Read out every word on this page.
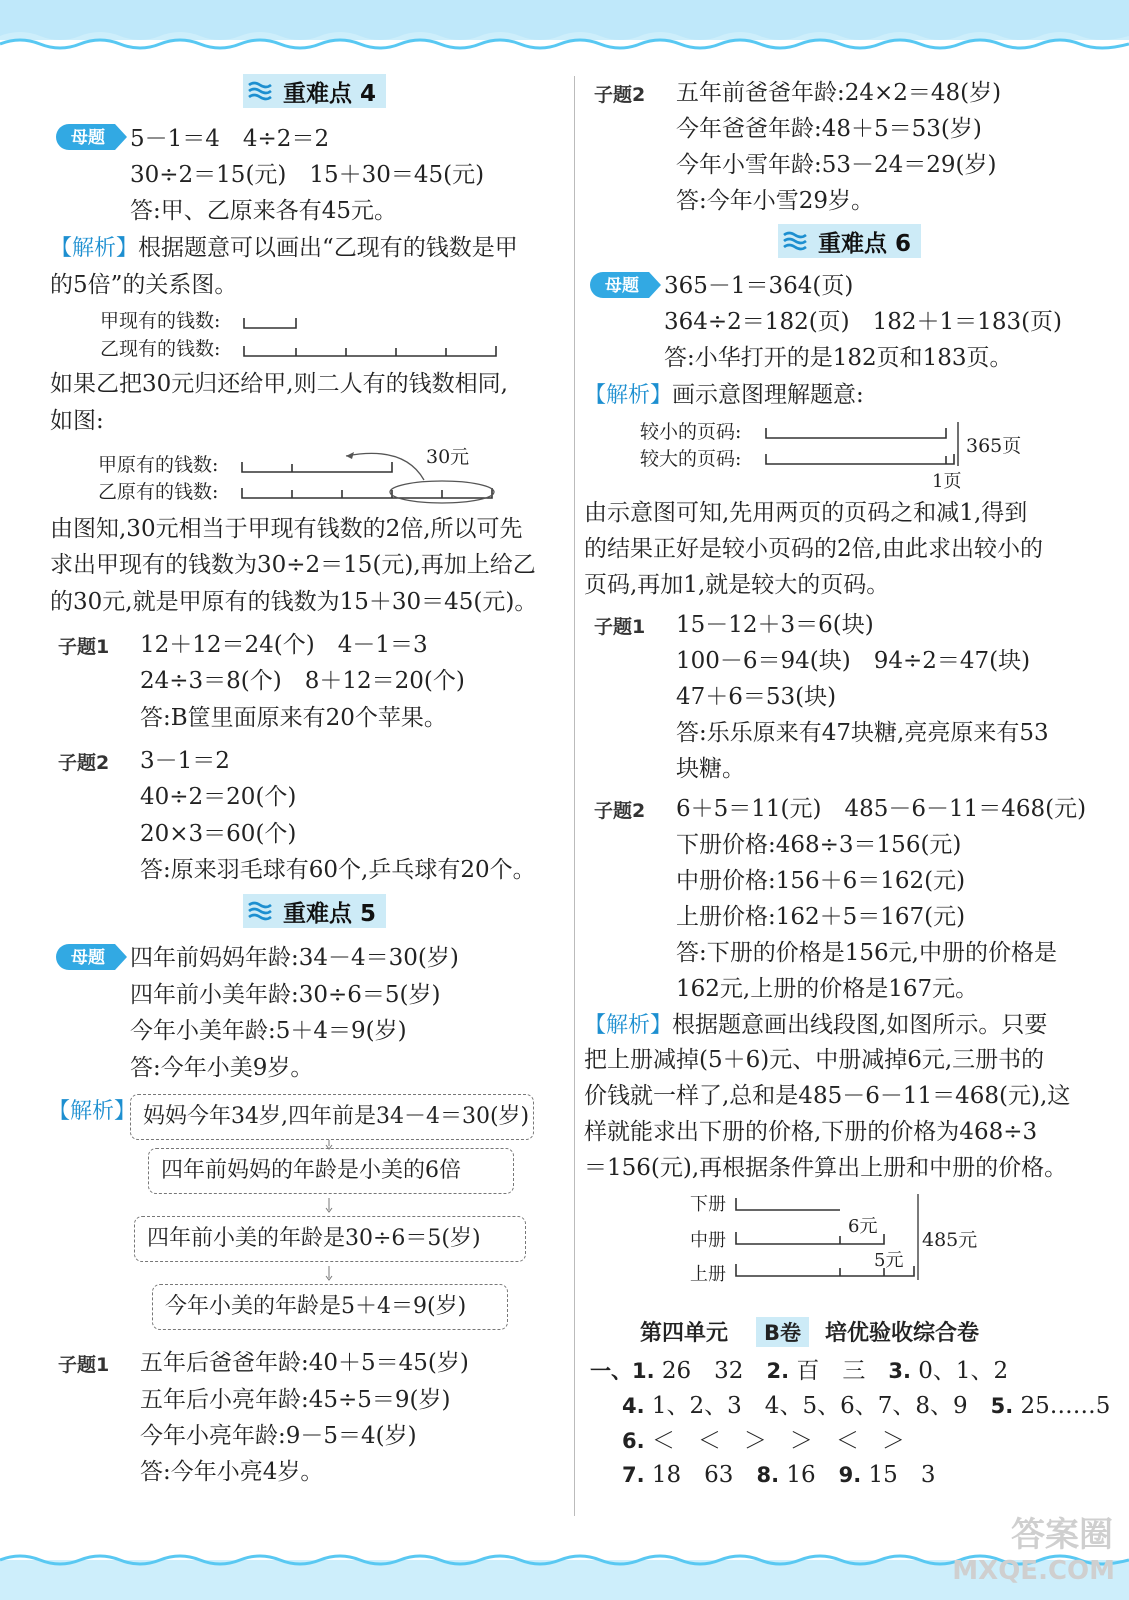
重难点 4
母题 5－1＝4　4÷2＝2
30÷2＝15(元)　15＋30＝45(元)
答:甲、乙原来各有45元。
【解析】根据题意可以画出“乙现有的钱数是甲
的5倍”的关系图。
甲现有的钱数:
乙现有的钱数:
如果乙把30元归还给甲,则二人有的钱数相同,
如图:
甲原有的钱数:
乙原有的钱数:
30元
由图知,30元相当于甲现有钱数的2倍,所以可先
求出甲现有的钱数为30÷2＝15(元),再加上给乙
的30元,就是甲原有的钱数为15＋30＝45(元)。
子题1 12＋12＝24(个)　4－1＝3
24÷3＝8(个)　8＋12＝20(个)
答:B筐里面原来有20个苹果。
子题2 3－1＝2
40÷2＝20(个)
20×3＝60(个)
答:原来羽毛球有60个,乒乓球有20个。
重难点 5
母题 四年前妈妈年龄:34－4＝30(岁)
四年前小美年龄:30÷6＝5(岁)
今年小美年龄:5＋4＝9(岁)
答:今年小美9岁。
【解析】 妈妈今年34岁,四年前是34－4＝30(岁)
四年前妈妈的年龄是小美的6倍
四年前小美的年龄是30÷6＝5(岁)
今年小美的年龄是5＋4＝9(岁)
子题1 五年后爸爸年龄:40＋5＝45(岁)
五年后小亮年龄:45÷5＝9(岁)
今年小亮年龄:9－5＝4(岁)
答:今年小亮4岁。
子题2 五年前爸爸年龄:24×2＝48(岁)
今年爸爸年龄:48＋5＝53(岁)
今年小雪年龄:53－24＝29(岁)
答:今年小雪29岁。
重难点 6
母题 365－1＝364(页)
364÷2＝182(页)　182＋1＝183(页)
答:小华打开的是182页和183页。
【解析】画示意图理解题意:
较小的页码:
较大的页码:
365页
1页
由示意图可知,先用两页的页码之和减1,得到
的结果正好是较小页码的2倍,由此求出较小的
页码,再加1,就是较大的页码。
子题1 15－12＋3＝6(块)
100－6＝94(块)　94÷2＝47(块)
47＋6＝53(块)
答:乐乐原来有47块糖,亮亮原来有53
块糖。
子题2 6＋5＝11(元)　485－6－11＝468(元)
下册价格:468÷3＝156(元)
中册价格:156＋6＝162(元)
上册价格:162＋5＝167(元)
答:下册的价格是156元,中册的价格是
162元,上册的价格是167元。
【解析】根据题意画出线段图,如图所示。只要
把上册减掉(5＋6)元、中册减掉6元,三册书的
价钱就一样了,总和是485－6－11＝468(元),这
样就能求出下册的价格,下册的价格为468÷3
＝156(元),再根据条件算出上册和中册的价格。
下册
中册
上册
6元
5元
485元
第四单元	B卷	培优验收综合卷
一、1. 26　32　 2. 百　三　 3. 0、1、2
4. 1、2、3　4、5、6、7、8、9　 5. 25……5
6. ＜　＜　＞　＞　＜　＞
7. 18　63　 8. 16　 9. 15　3
答案圈
MXQE.COM
